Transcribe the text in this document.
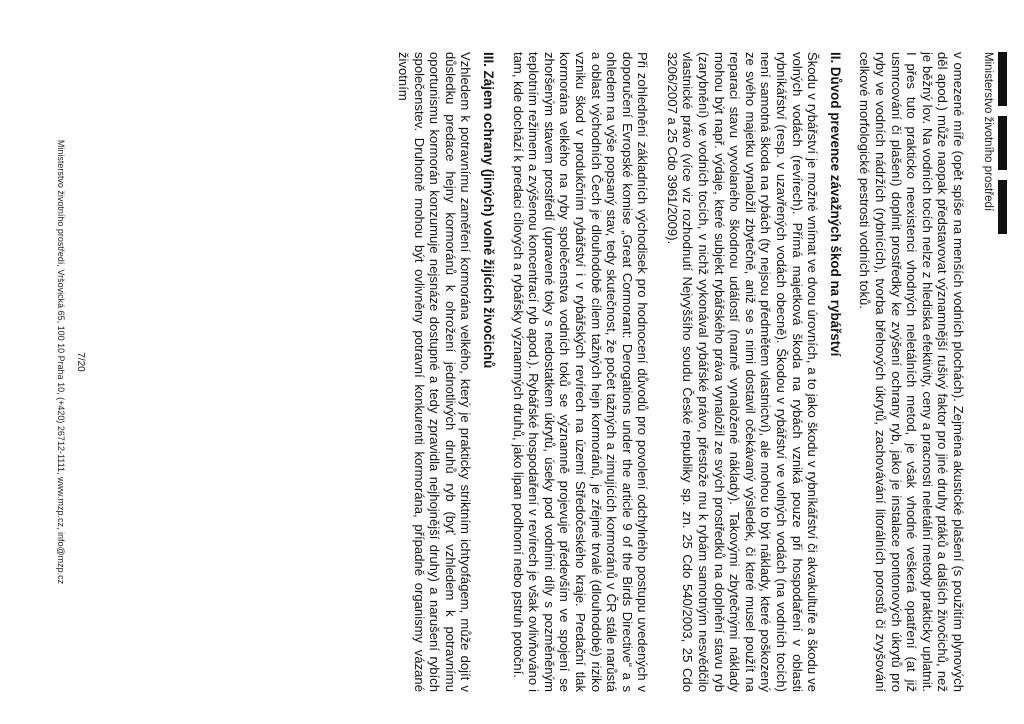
Ministerstvo životního prostředí

v omezené míře (opět spíše na menších vodních plochách). Zejména akustické plašení (s použitím plynových děl apod.) může naopak představovat významnější rušivý faktor pro jiné druhy ptáků a dalších živočichů, než je běžný lov. Na vodních tocích nelze z hlediska efektivity, ceny a pracnosti neletální metody prakticky uplatnit. I přes tuto prakticko neexistenci vhodných neletálních metod, je však vhodné veškerá opatření (at již usmrcování či plašení) doplnit prostředky ke zvýšení ochrany ryb, jako je instalace pontonových úkrytů pro ryby ve vodních nádržích (rybnících), tvorba břehových úkrytů, zachovávání litorálních porostů či zvyšování celkové morfologické pestrosti vodních toků.

II. Důvod prevence závažných škod na rybářství

Škodu v rybářství je možné vnímat ve dvou úrovních, a to jako škodu v rybníkářství či akvakultuře a škodu ve volných vodách (revírech). Přímá majetková škoda na rybách vzniká pouze při hospodaření v oblasti rybníkářství (resp. v uzavřených vodách obecně). Škodou v rybářství ve volných vodách (na vodních tocích) není samotná škoda na rybách (ty nejsou předmětem vlastnictví), ale mohou to být náklady, které poškozený ze svého majetku vynaložil zbytečně, aniž se s nimi dostavil očekávaný výsledek, či které musel použít na reparaci stavu vyvolaného škodnou událostí (marně vynaložené náklady). Takovými zbytečnými náklady mohou být např. výdaje, které subjekt rybářského práva vynaložil ze svých prostředků na doplnění stavu ryb (zarybnění) ve vodních tocích, v nichž vykonával rybářské právo, přestože mu k rybám samotným nesvědčilo vlastnické právo (více viz rozhodnutí Nejvyššího soudu České republiky sp. zn. 25 Cdo 540/2003, 25 Cdo 3206/2007 a 25 Cdo 3961/2009).

Při zohlednění základních východisek pro hodnocení důvodů pro povolení odchylného postupu uvedených v doporučení Evropské komise „Great Cormorant: Derogations under the article 9 of the Birds Directive“ a s ohledem na výše popsaný stav, tedy skutečnost, že počet tažných a zimujících kormoránů v ČR stále narůstá a oblast východních Čech je dlouhodobě cílem tažných hejn kormoránů, je zřejmé trvalé (dlouhodobé) riziko vzniku škod v produkčním rybářství i v rybářských revírech na území Středočeského kraje. Predační tlak kormorána velkého na ryby společenstva vodních toků se významně projevuje především ve spojení se zhoršeným stavem prostředí (upravené toky s nedostatkem úkrytů, úseky pod vodními díly s pozměněným teplotním režimem a zvýšenou koncentrací ryb apod.). Rybářské hospodaření v revírech je však ovlivňováno i tam, kde dochází k predaci cílových a rybářsky významných druhů, jako lipan podhorní nebo pstruh potoční.

III. Zájem ochrany (jiných) volně žijících živočichů

Vzhledem k potravnímu zaměření kormorána velkého, který je prakticky striktním ichtyofágem, může dojít v důsledku predace hejny kormoránů k ohrožení jednotlivých druhů ryb (byť vzhledem k potravnímu oportunismu kormorán konzumuje nejsnáze dostupné a tedy zpravidla nejhojnější druhy) a narušení rybích společenstev. Druhotně mohou být ovlivněny potravní konkurenti kormorána, případně organismy vázané životním

7/20
Ministerstvo životního prostředí, Vršovická 65, 100 10 Praha 10, (+420) 26712-1111, www.mzp.cz, info@mzp.cz
